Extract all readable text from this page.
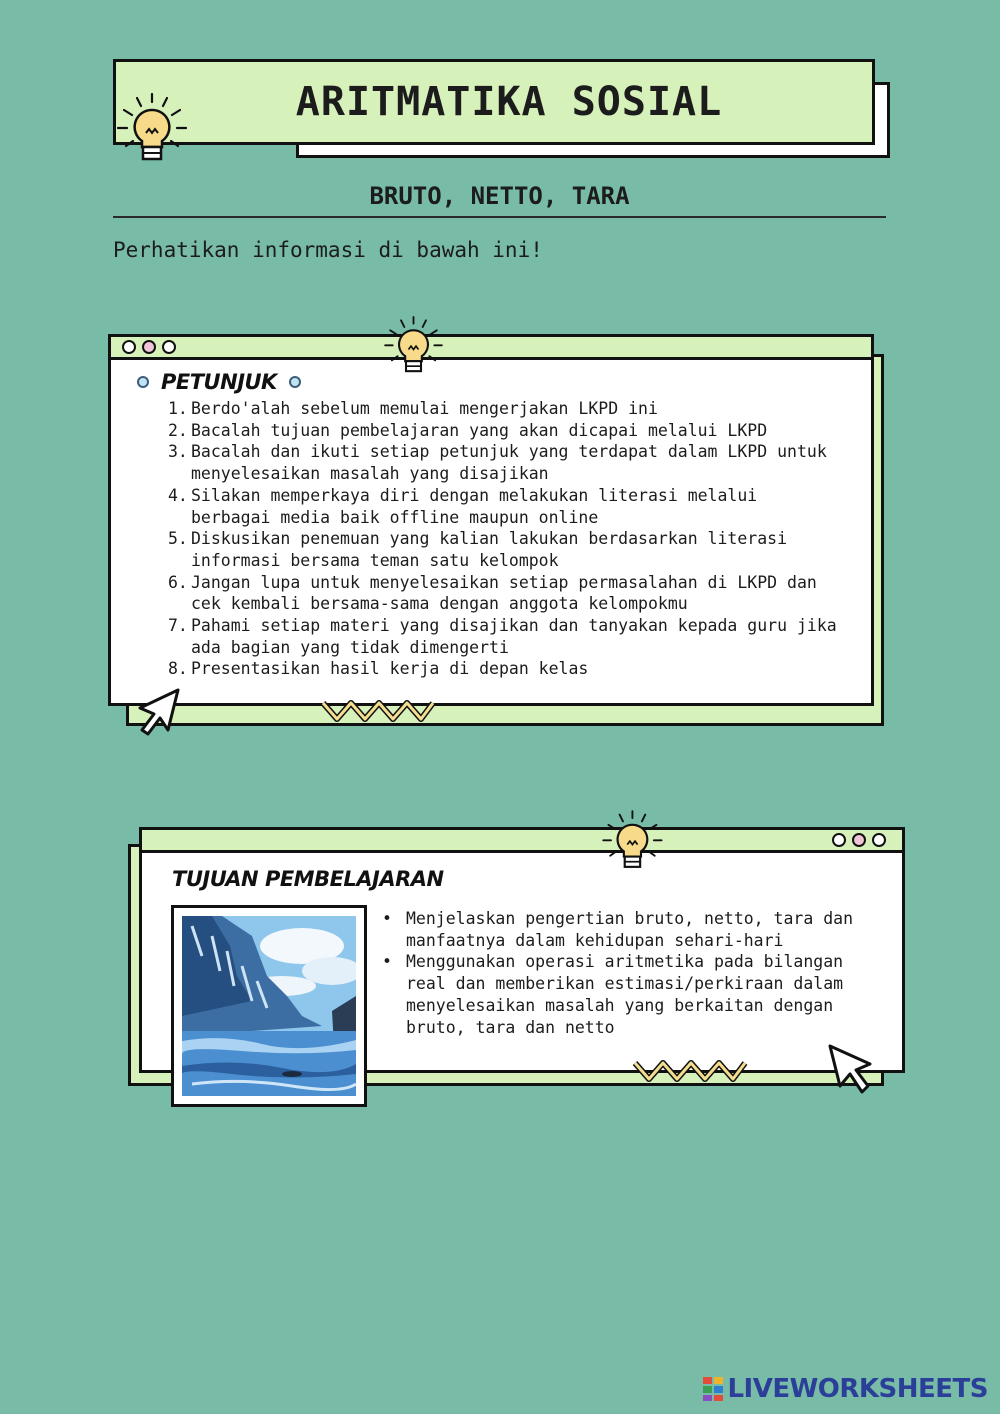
ARITMATIKA SOSIAL
BRUTO, NETTO, TARA
Perhatikan informasi di bawah ini!
PETUNJUK
1. Berdo'alah sebelum memulai mengerjakan LKPD ini
2. Bacalah tujuan pembelajaran yang akan dicapai melalui LKPD
3. Bacalah dan ikuti setiap petunjuk yang terdapat dalam LKPD untuk menyelesaikan masalah yang disajikan
4. Silakan memperkaya diri dengan melakukan literasi melalui berbagai media baik offline maupun online
5. Diskusikan penemuan yang kalian lakukan berdasarkan literasi informasi bersama teman satu kelompok
6. Jangan lupa untuk menyelesaikan setiap permasalahan di LKPD dan cek kembali bersama-sama dengan anggota kelompokmu
7. Pahami setiap materi yang disajikan dan tanyakan kepada guru jika ada bagian yang tidak dimengerti
8. Presentasikan hasil kerja di depan kelas
TUJUAN PEMBELAJARAN
• Menjelaskan pengertian bruto, netto, tara dan manfaatnya dalam kehidupan sehari-hari
• Menggunakan operasi aritmetika pada bilangan real dan memberikan estimasi/perkiraan dalam menyelesaikan masalah yang berkaitan dengan bruto, tara dan netto
LIVEWORKSHEETS
